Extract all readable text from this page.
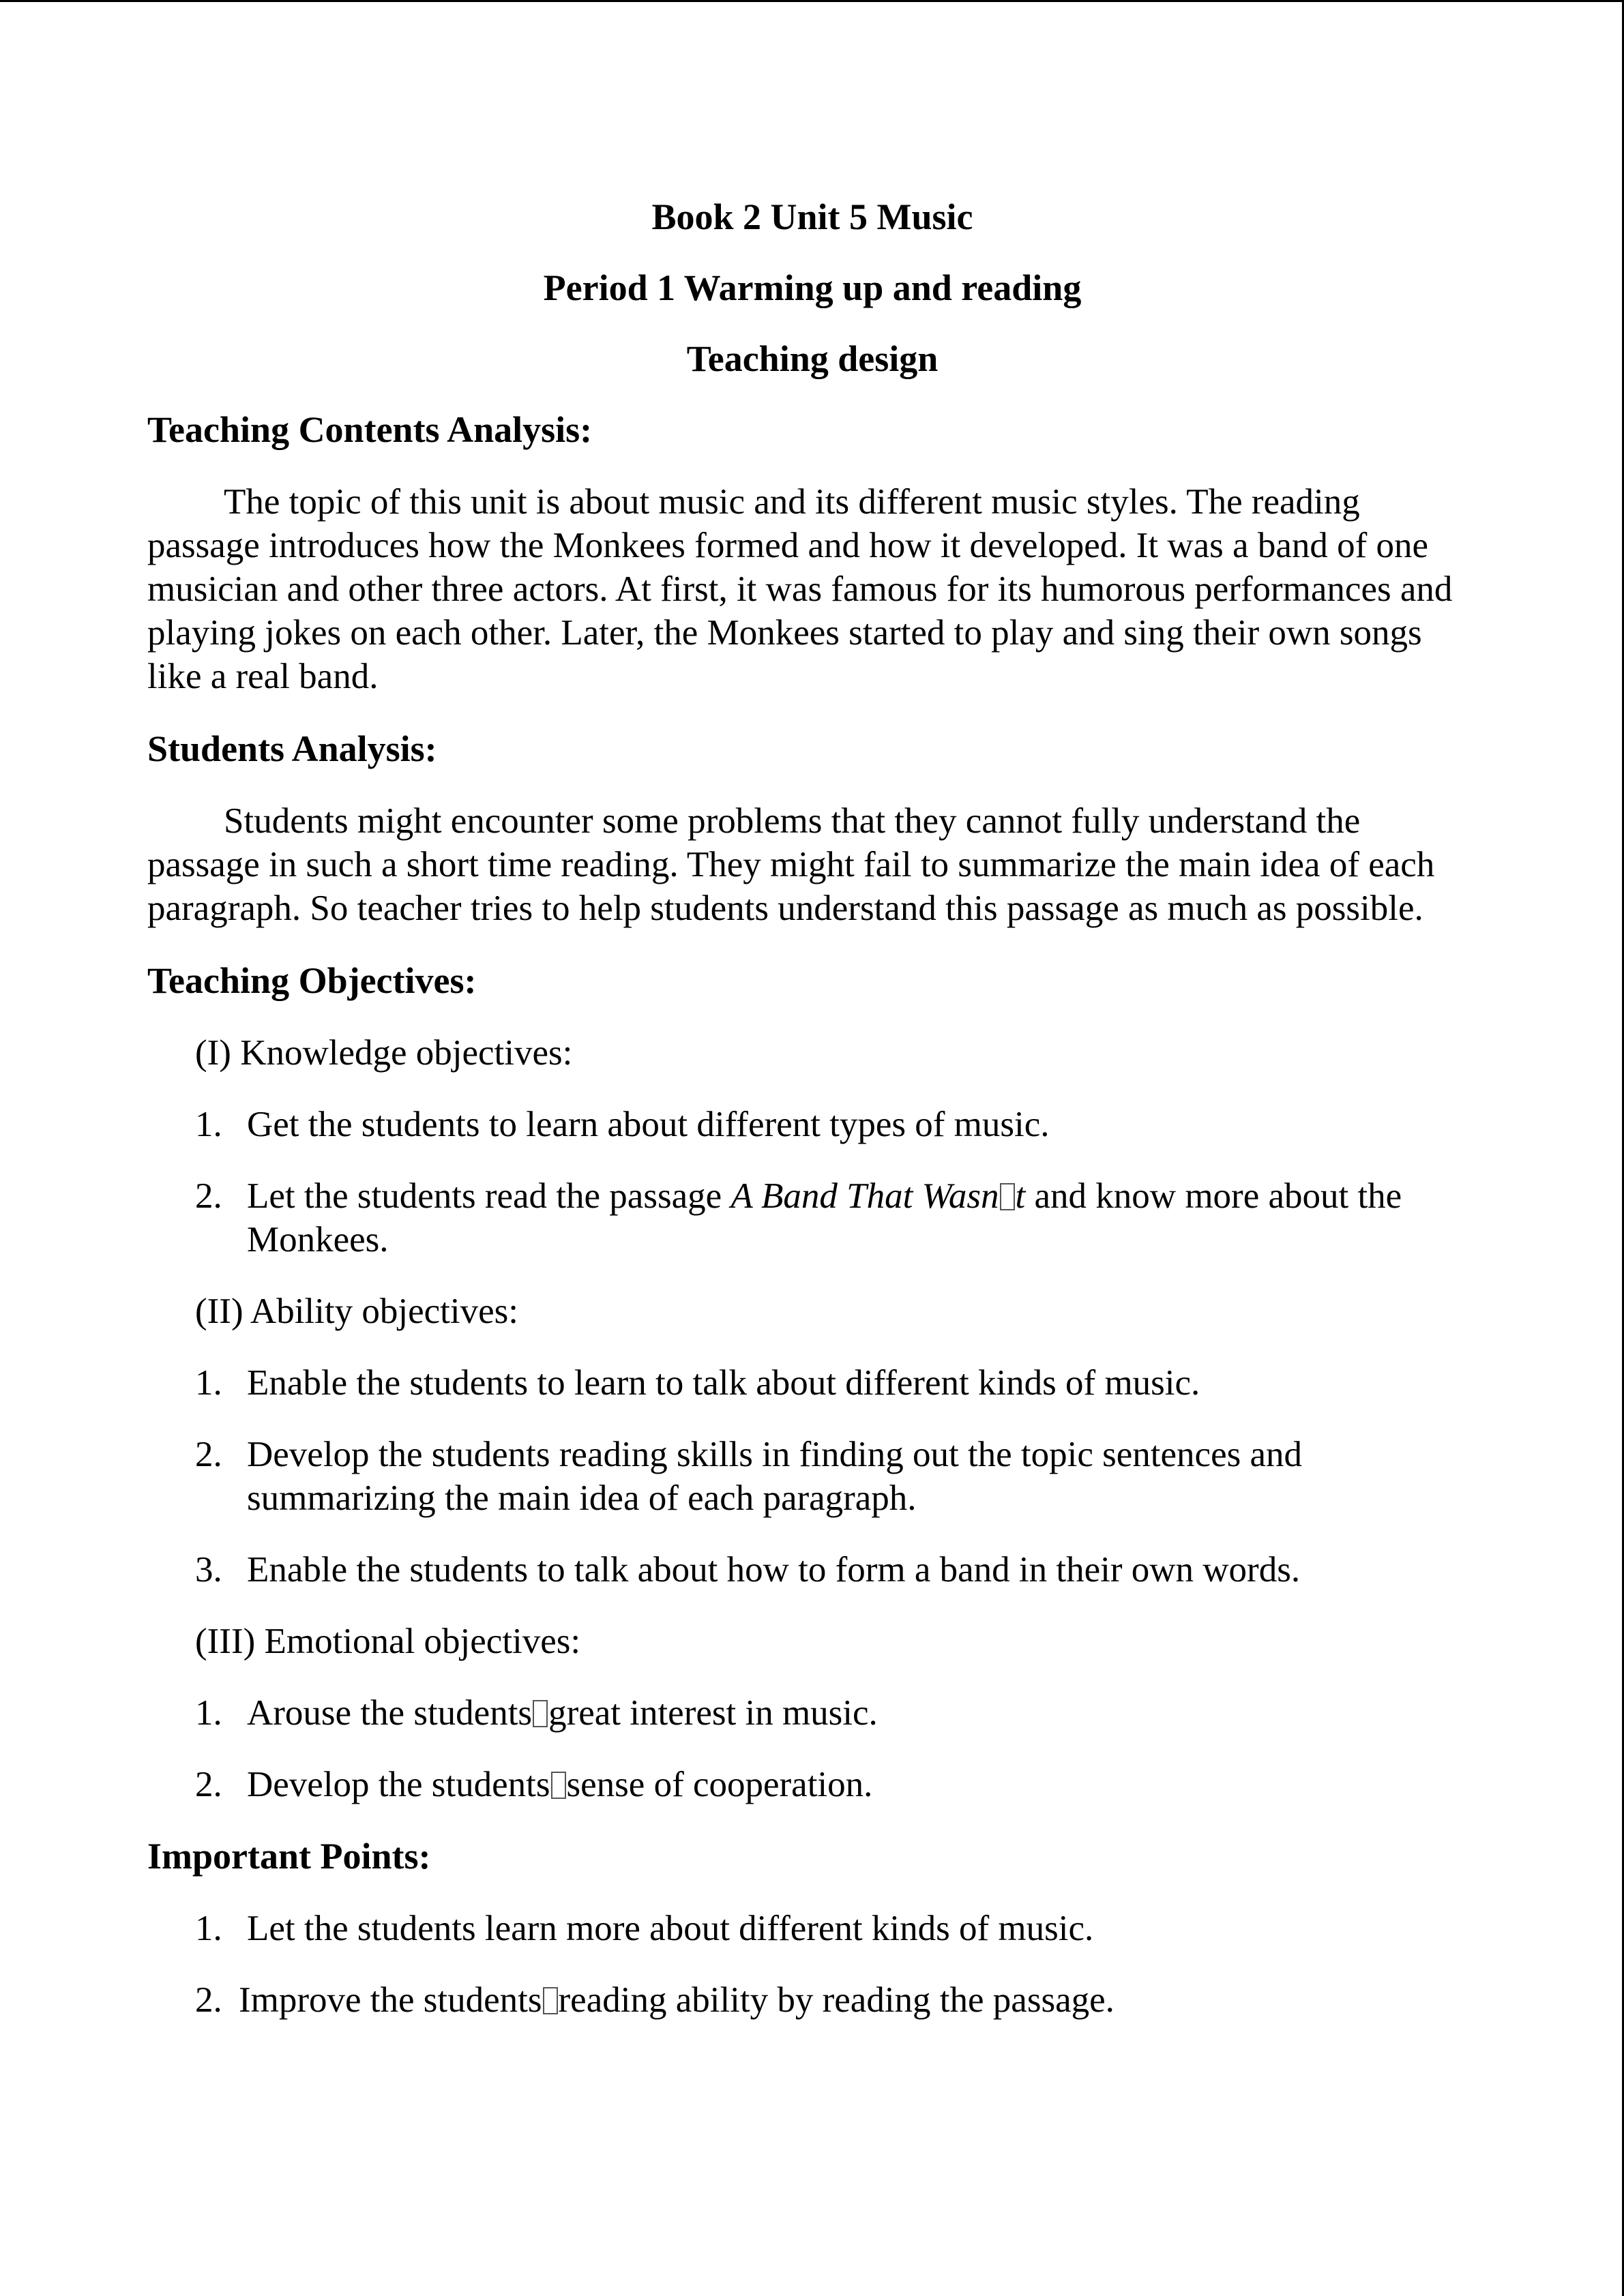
Book 2 Unit 5 Music
Period 1 Warming up and reading
Teaching design
Teaching Contents Analysis:
The topic of this unit is about music and its different music styles. The reading passage introduces how the Monkees formed and how it developed. It was a band of one musician and other three actors. At first, it was famous for its humorous performances and playing jokes on each other. Later, the Monkees started to play and sing their own songs like a real band.
Students Analysis:
Students might encounter some problems that they cannot fully understand the passage in such a short time reading. They might fail to summarize the main idea of each paragraph. So teacher tries to help students understand this passage as much as possible.
Teaching Objectives:
(I) Knowledge objectives:
1. Get the students to learn about different types of music.
2. Let the students read the passage A Band That Wasn t and know more about the Monkees.
(II) Ability objectives:
1. Enable the students to learn to talk about different kinds of music.
2. Develop the students reading skills in finding out the topic sentences and summarizing the main idea of each paragraph.
3. Enable the students to talk about how to form a band in their own words.
(III) Emotional objectives:
1. Arouse the students great interest in music.
2. Develop the students sense of cooperation.
Important Points:
1. Let the students learn more about different kinds of music.
2. Improve the students reading ability by reading the passage.
